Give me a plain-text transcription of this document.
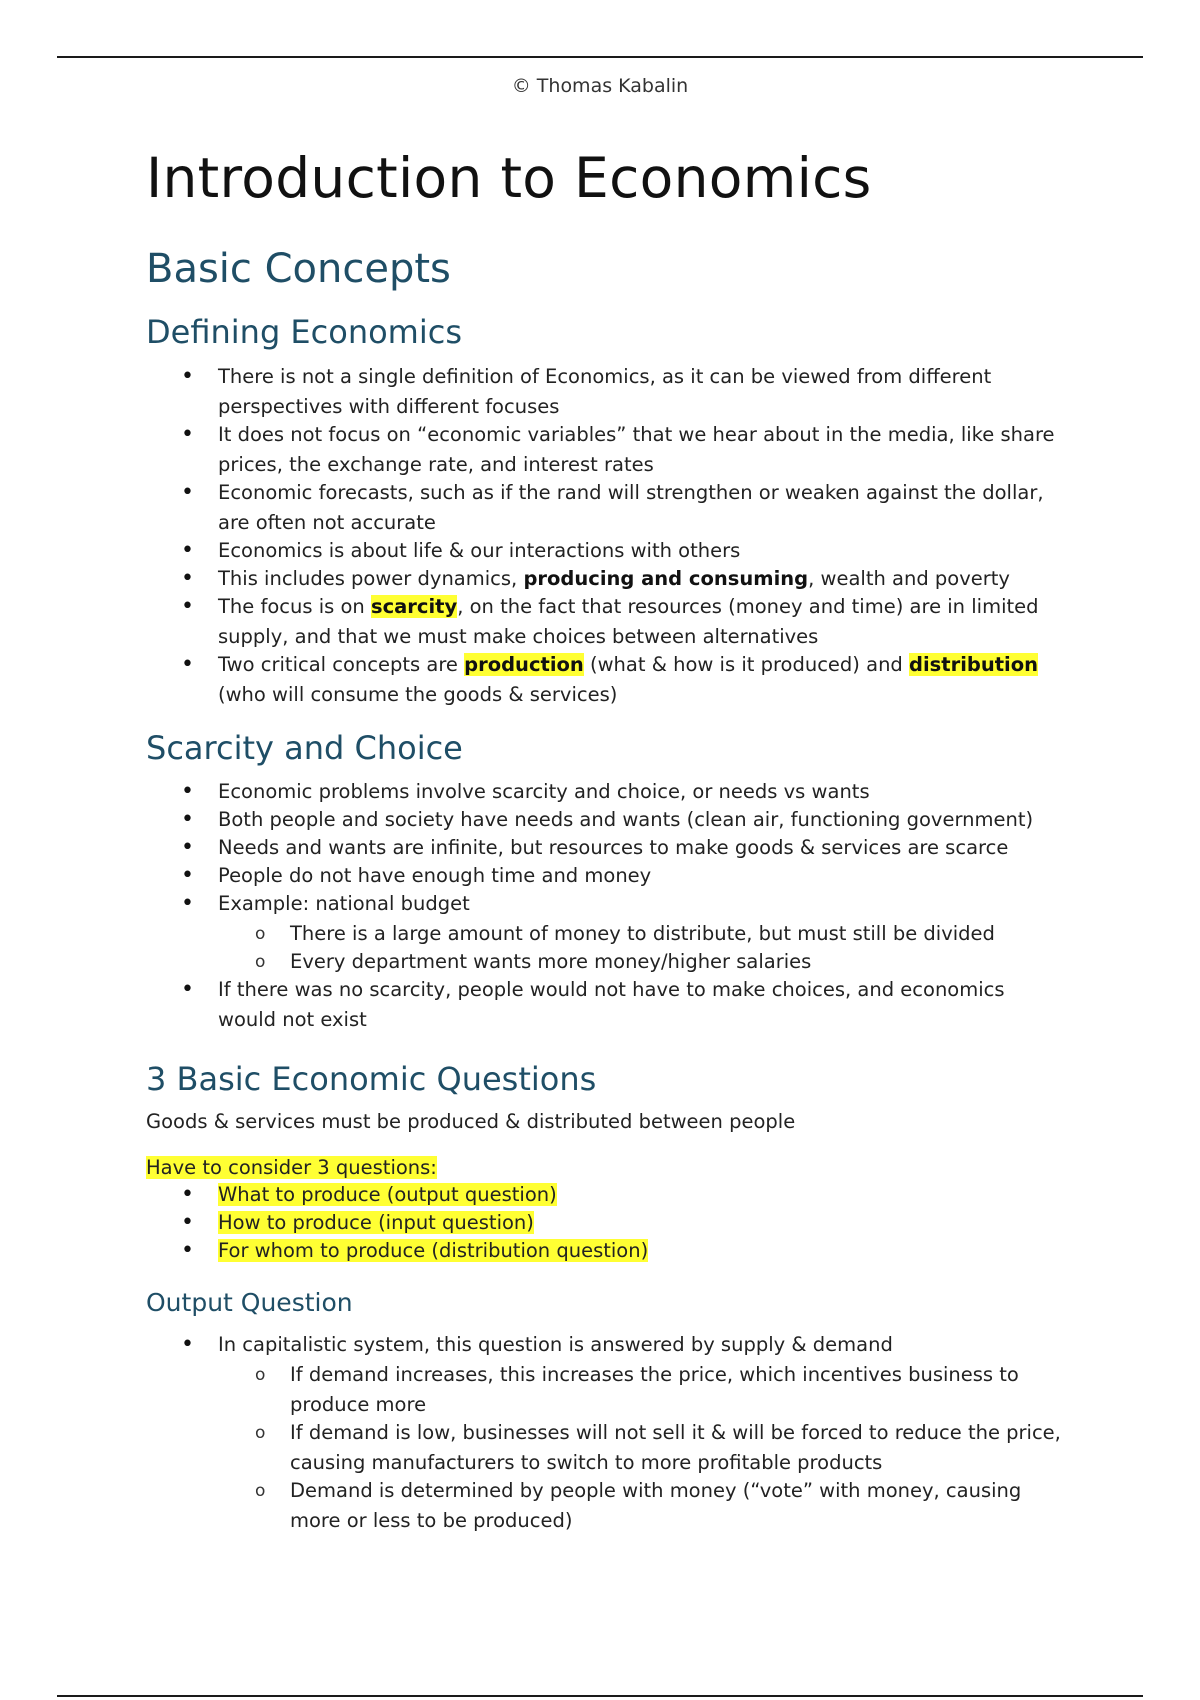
© Thomas Kabalin
Introduction to Economics
Basic Concepts
Defining Economics
• There is not a single definition of Economics, as it can be viewed from different perspectives with different focuses
• It does not focus on “economic variables” that we hear about in the media, like share prices, the exchange rate, and interest rates
• Economic forecasts, such as if the rand will strengthen or weaken against the dollar, are often not accurate
• Economics is about life & our interactions with others
• This includes power dynamics, producing and consuming, wealth and poverty
• The focus is on scarcity, on the fact that resources (money and time) are in limited supply, and that we must make choices between alternatives
• Two critical concepts are production (what & how is it produced) and distribution (who will consume the goods & services)
Scarcity and Choice
• Economic problems involve scarcity and choice, or needs vs wants
• Both people and society have needs and wants (clean air, functioning government)
• Needs and wants are infinite, but resources to make goods & services are scarce
• People do not have enough time and money
• Example: national budget
o There is a large amount of money to distribute, but must still be divided
o Every department wants more money/higher salaries
• If there was no scarcity, people would not have to make choices, and economics would not exist
3 Basic Economic Questions
Goods & services must be produced & distributed between people
Have to consider 3 questions:
• What to produce (output question)
• How to produce (input question)
• For whom to produce (distribution question)
Output Question
• In capitalistic system, this question is answered by supply & demand
o If demand increases, this increases the price, which incentives business to produce more
o If demand is low, businesses will not sell it & will be forced to reduce the price, causing manufacturers to switch to more profitable products
o Demand is determined by people with money (“vote” with money, causing more or less to be produced)
